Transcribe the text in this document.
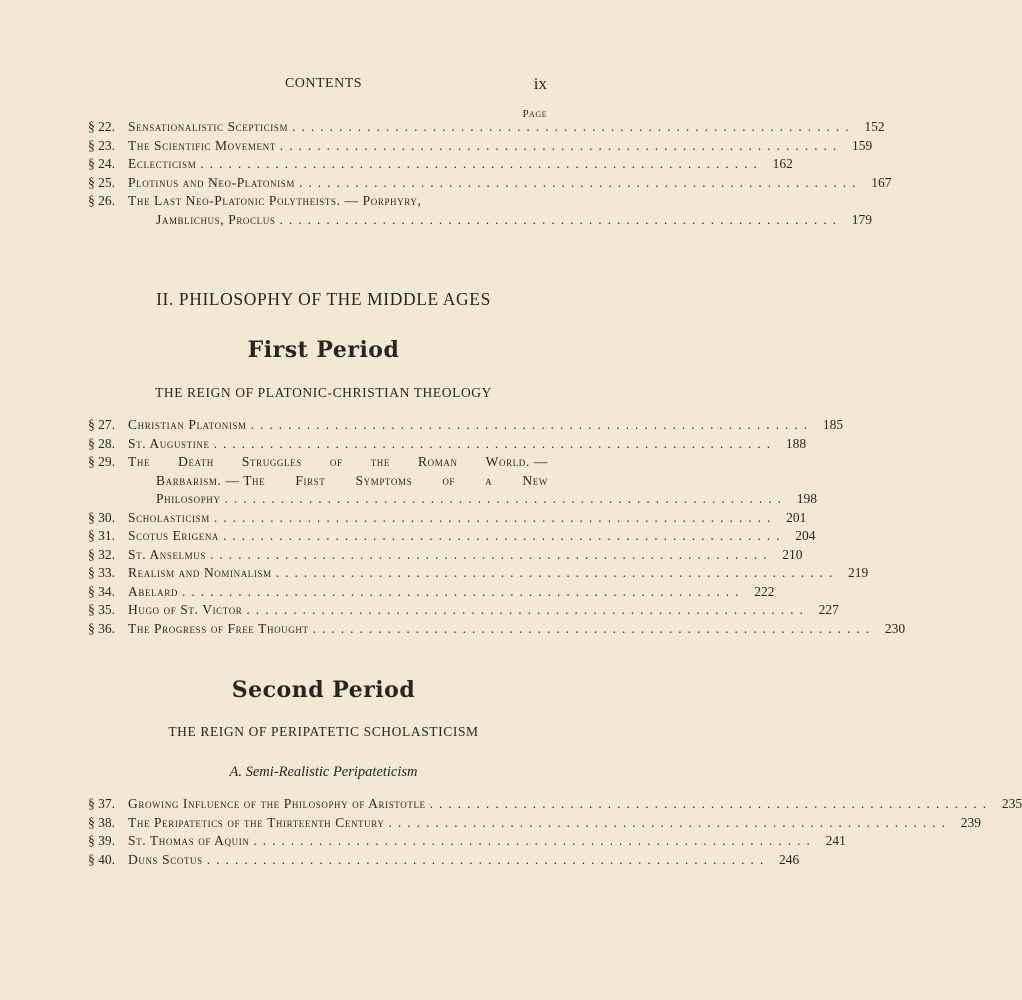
CONTENTS	ix
Page
§ 22. Sensationalistic Scepticism ............................................................ 152
§ 23. The Scientific Movement ............................................................ 159
§ 24. Eclecticism ............................................................ 162
§ 25. Plotinus and Neo-Platonism ............................................................ 167
§ 26. The Last Neo-Platonic Polytheists. — Porphyry,
Jamblichus, Proclus ............................................................ 179
II. PHILOSOPHY OF THE MIDDLE AGES
First Period
THE REIGN OF PLATONIC-CHRISTIAN THEOLOGY
§ 27. Christian Platonism ............................................................ 185
§ 28. St. Augustine ............................................................ 188
§ 29. The Death Struggles of the Roman World. —
Barbarism. — The First Symptoms of a New
Philosophy ............................................................ 198
§ 30. Scholasticism ............................................................ 201
§ 31. Scotus Erigena ............................................................ 204
§ 32. St. Anselmus ............................................................ 210
§ 33. Realism and Nominalism ............................................................ 219
§ 34. Abelard ............................................................ 222
§ 35. Hugo of St. Victor ............................................................ 227
§ 36. The Progress of Free Thought ............................................................ 230
Second Period
THE REIGN OF PERIPATETIC SCHOLASTICISM
A. Semi-Realistic Peripateticism
§ 37. Growing Influence of the Philosophy of Aristotle ............................................................ 235
§ 38. The Peripatetics of the Thirteenth Century ............................................................ 239
§ 39. St. Thomas of Aquin ............................................................ 241
§ 40. Duns Scotus ............................................................ 246
